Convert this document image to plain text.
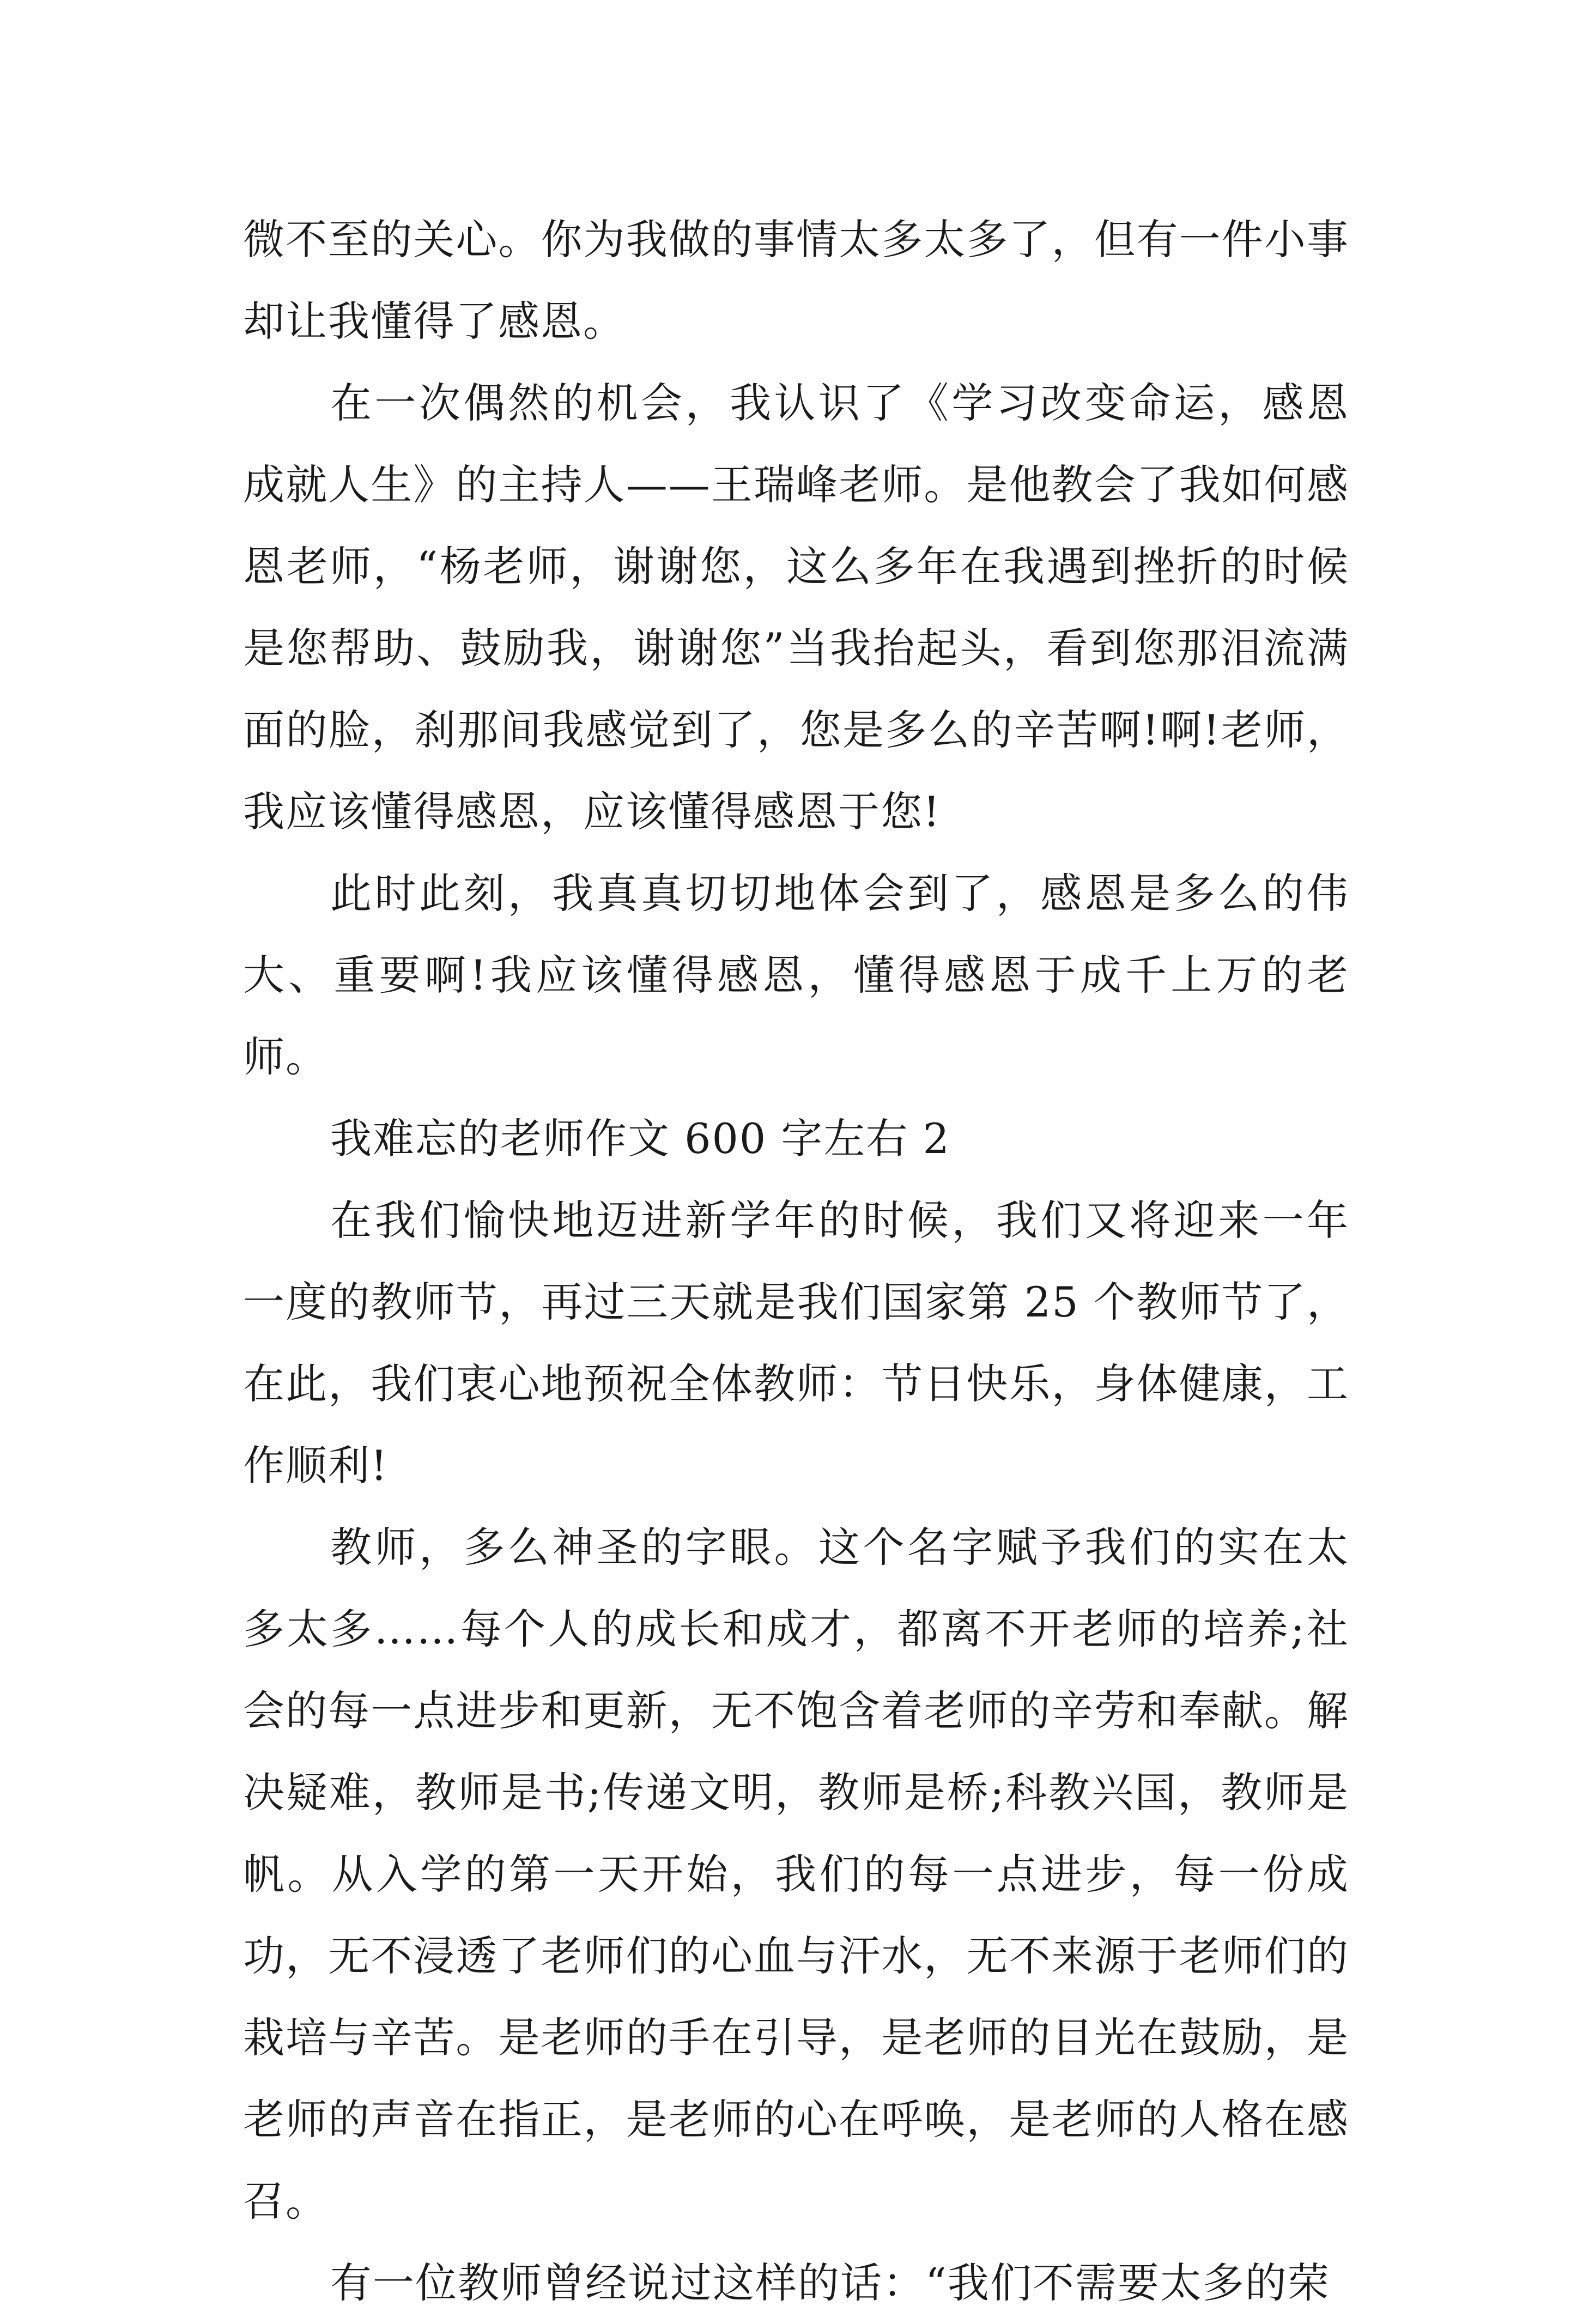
微不至的关心。你为我做的事情太多太多了，但有一件小事却让我懂得了感恩。

在一次偶然的机会，我认识了《学习改变命运，感恩成就人生》的主持人——王瑞峰老师。是他教会了我如何感恩老师，“杨老师，谢谢您，这么多年在我遇到挫折的时候是您帮助、鼓励我，谢谢您”当我抬起头，看到您那泪流满面的脸，刹那间我感觉到了，您是多么的辛苦啊!啊!老师，我应该懂得感恩，应该懂得感恩于您!

此时此刻，我真真切切地体会到了，感恩是多么的伟大、重要啊!我应该懂得感恩，懂得感恩于成千上万的老师。

我难忘的老师作文 600 字左右 2

在我们愉快地迈进新学年的时候，我们又将迎来一年一度的教师节，再过三天就是我们国家第 25 个教师节了，在此，我们衷心地预祝全体教师：节日快乐，身体健康，工作顺利!

教师，多么神圣的字眼。这个名字赋予我们的实在太多太多……每个人的成长和成才，都离不开老师的培养;社会的每一点进步和更新，无不饱含着老师的辛劳和奉献。解决疑难，教师是书;传递文明，教师是桥;科教兴国，教师是帆。从入学的第一天开始，我们的每一点进步，每一份成功，无不浸透了老师们的心血与汗水，无不来源于老师们的栽培与辛苦。是老师的手在引导，是老师的目光在鼓励，是老师的声音在指正，是老师的心在呼唤，是老师的人格在感召。

有一位教师曾经说过这样的话：“我们不需要太多的荣
